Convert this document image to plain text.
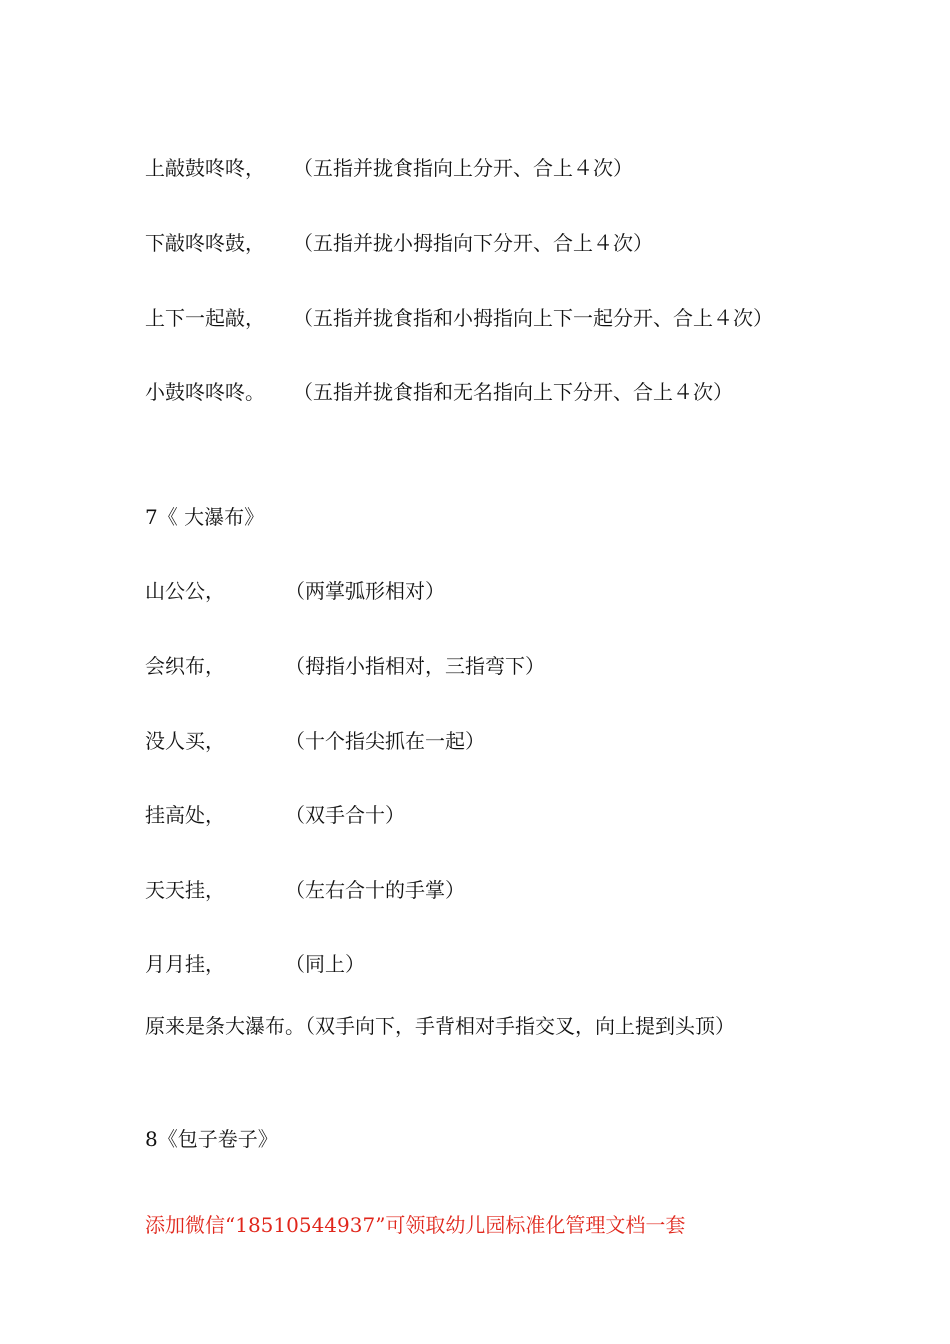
上敲鼓咚咚， （五指并拢食指向上分开、合上４次）
下敲咚咚鼓， （五指并拢小拇指向下分开、合上４次）
上下一起敲， （五指并拢食指和小拇指向上下一起分开、合上４次）
小鼓咚咚咚。 （五指并拢食指和无名指向上下分开、合上４次）
7《 大瀑布》
山公公，	（两掌弧形相对）
会织布，	（拇指小指相对，三指弯下）
没人买，	（十个指尖抓在一起）
挂高处，	（双手合十）
天天挂，	（左右合十的手掌）
月月挂，	（同上）
原来是条大瀑布。（双手向下，手背相对手指交叉，向上提到头顶）
8《包子卷子》
添加微信“18510544937”可领取幼儿园标准化管理文档一套
